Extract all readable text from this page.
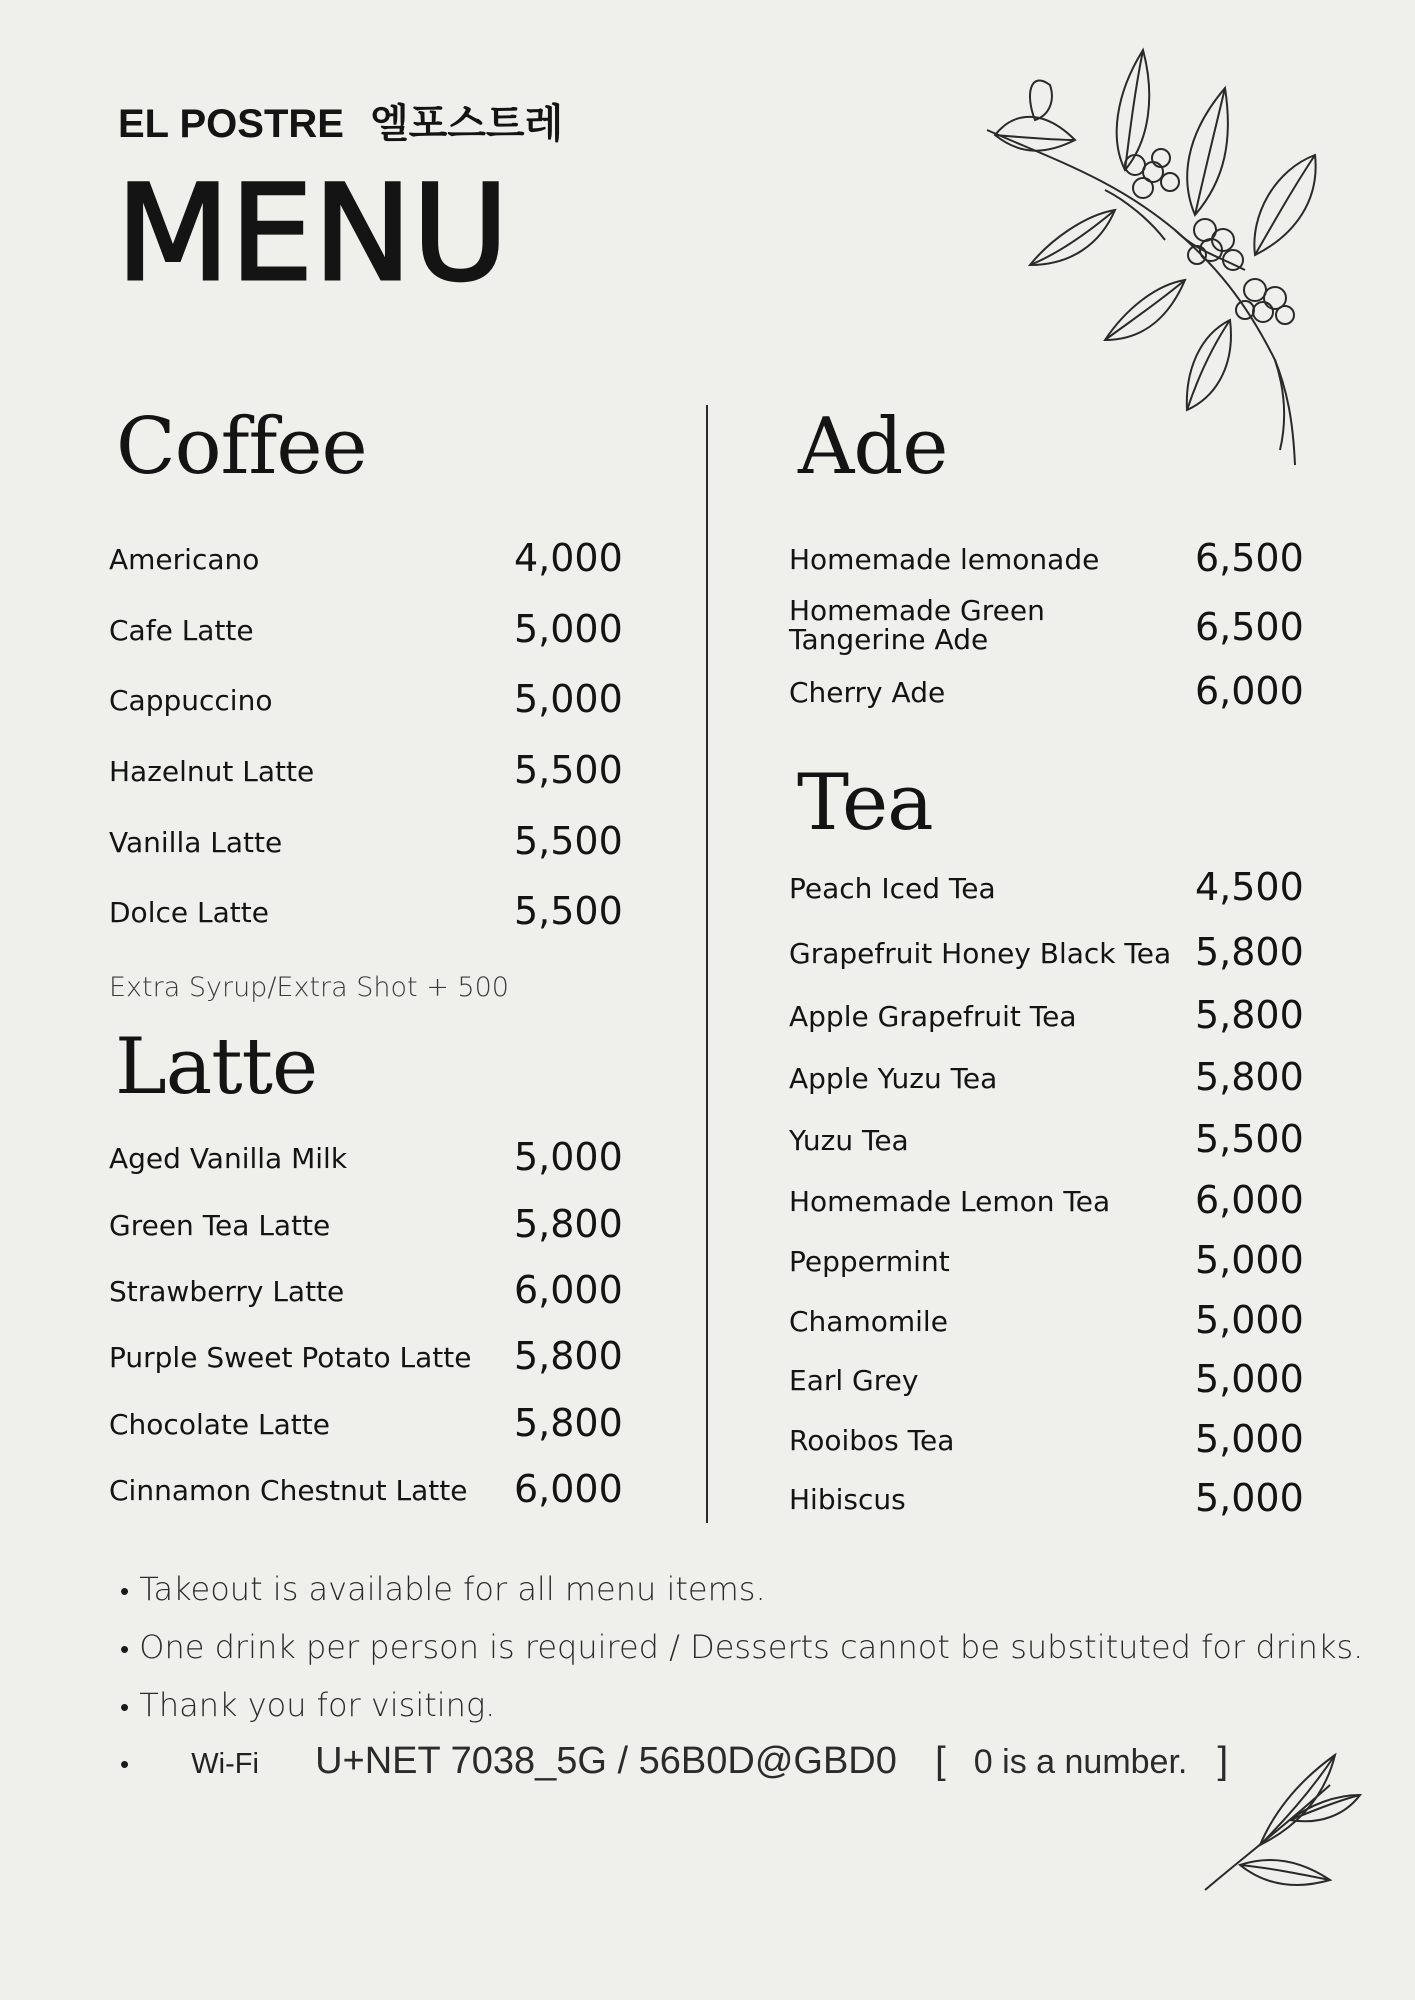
EL POSTRE 엘포스트레
MENU
Coffee
Americano	4,000
Cafe Latte	5,000
Cappuccino	5,000
Hazelnut Latte	5,500
Vanilla Latte	5,500
Dolce Latte	5,500
Extra Syrup/Extra Shot + 500
Latte
Aged Vanilla Milk	5,000
Green Tea Latte	5,800
Strawberry Latte	6,000
Purple Sweet Potato Latte 5,800
Chocolate Latte	5,800
Cinnamon Chestnut Latte 6,000
Ade
Homemade lemonade	6,500
Homemade Green Tangerine Ade	6,500
Cherry Ade	6,000
Tea
Peach Iced Tea	4,500
Grapefruit Honey Black Tea 5,800
Apple Grapefruit Tea	5,800
Apple Yuzu Tea	5,800
Yuzu Tea	5,500
Homemade Lemon Tea 6,000
Peppermint	5,000
Chamomile	5,000
Earl Grey	5,000
Rooibos Tea	5,000
Hibiscus	5,000
• Takeout is available for all menu items.
• One drink per person is required / Desserts cannot be substituted for drinks.
• Thank you for visiting.
• Wi-Fi U+NET 7038_5G / 56B0D@GBD0 [ 0 is a number. ]
